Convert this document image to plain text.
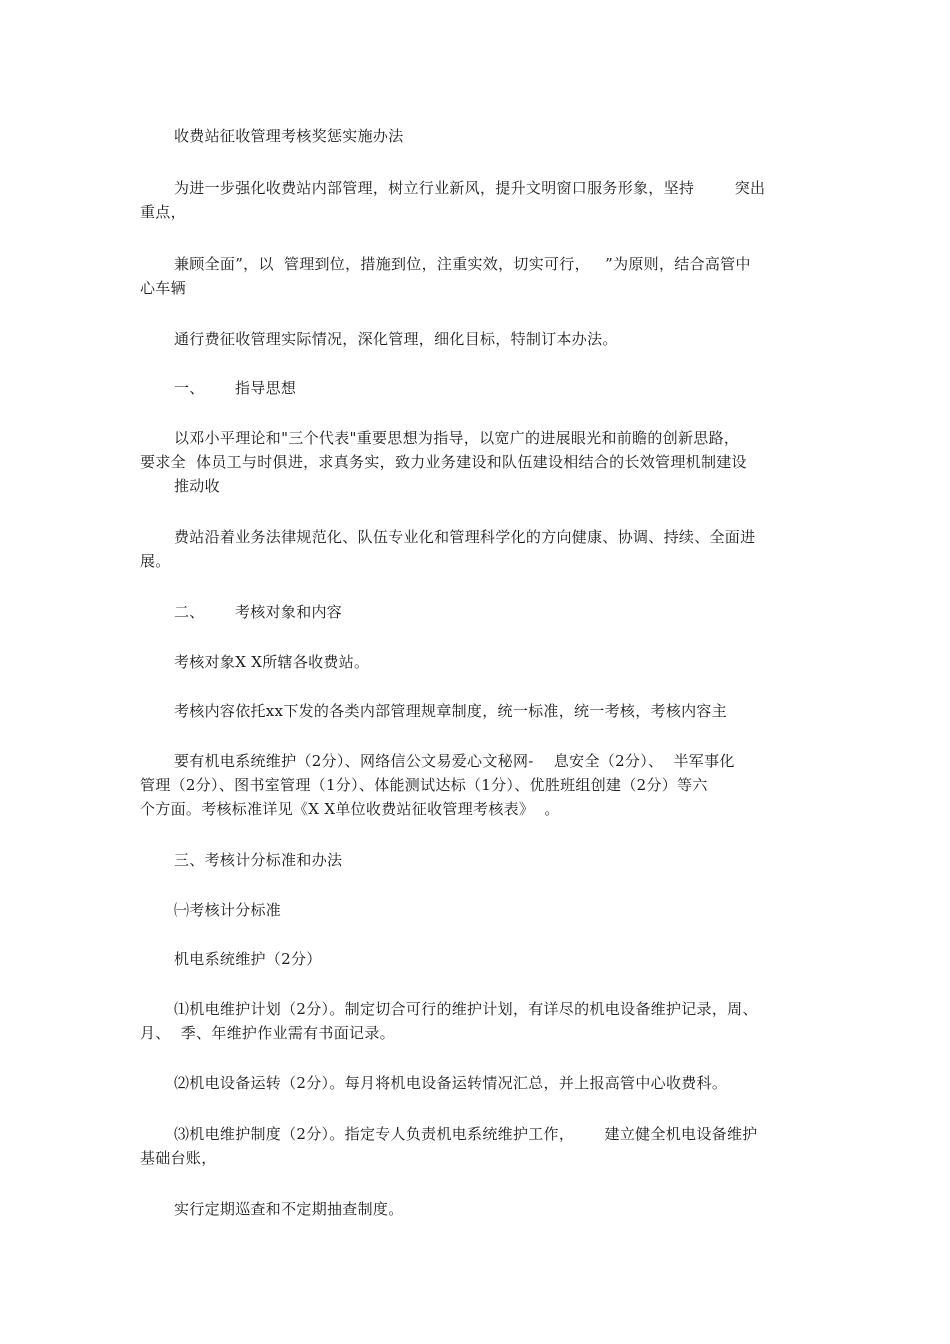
收费站征收管理考核奖惩实施办法
为进一步强化收费站内部管理，树立行业新风，提升文明窗口服务形象，坚持        突出
重点，
兼顾全面”，以  管理到位，措施到位，注重实效，切实可行，   ”为原则，结合高管中
心车辆
通行费征收管理实际情况，深化管理，细化目标，特制订本办法。
一、      指导思想
以邓小平理论和"三个代表"重要思想为指导，以宽广的进展眼光和前瞻的创新思路，
要求全  体员工与时俱进，求真务实，致力业务建设和队伍建设相结合的长效管理机制建设
推动收
费站沿着业务法律规范化、队伍专业化和管理科学化的方向健康、协调、持续、全面进
展。
二、      考核对象和内容
考核对象X X所辖各收费站。
考核内容依托xx下发的各类内部管理规章制度，统一标准，统一考核，考核内容主
要有机电系统维护（2分）、网络信公文易爱心文秘网-    息安全（2分）、  半军事化
管理（2分）、图书室管理（1分）、体能测试达标（1分）、优胜班组创建（2分）等六
个方面。考核标准详见《X X单位收费站征收管理考核表》  。
三、考核计分标准和办法
㈠考核计分标准
机电系统维护（2分）
⑴机电维护计划（2分）。制定切合可行的维护计划，有详尽的机电设备维护记录，周、
月、  季、年维护作业需有书面记录。
⑵机电设备运转（2分）。每月将机电设备运转情况汇总，并上报高管中心收费科。
⑶机电维护制度（2分）。指定专人负责机电系统维护工作，      建立健全机电设备维护
基础台账，
实行定期巡查和不定期抽查制度。
